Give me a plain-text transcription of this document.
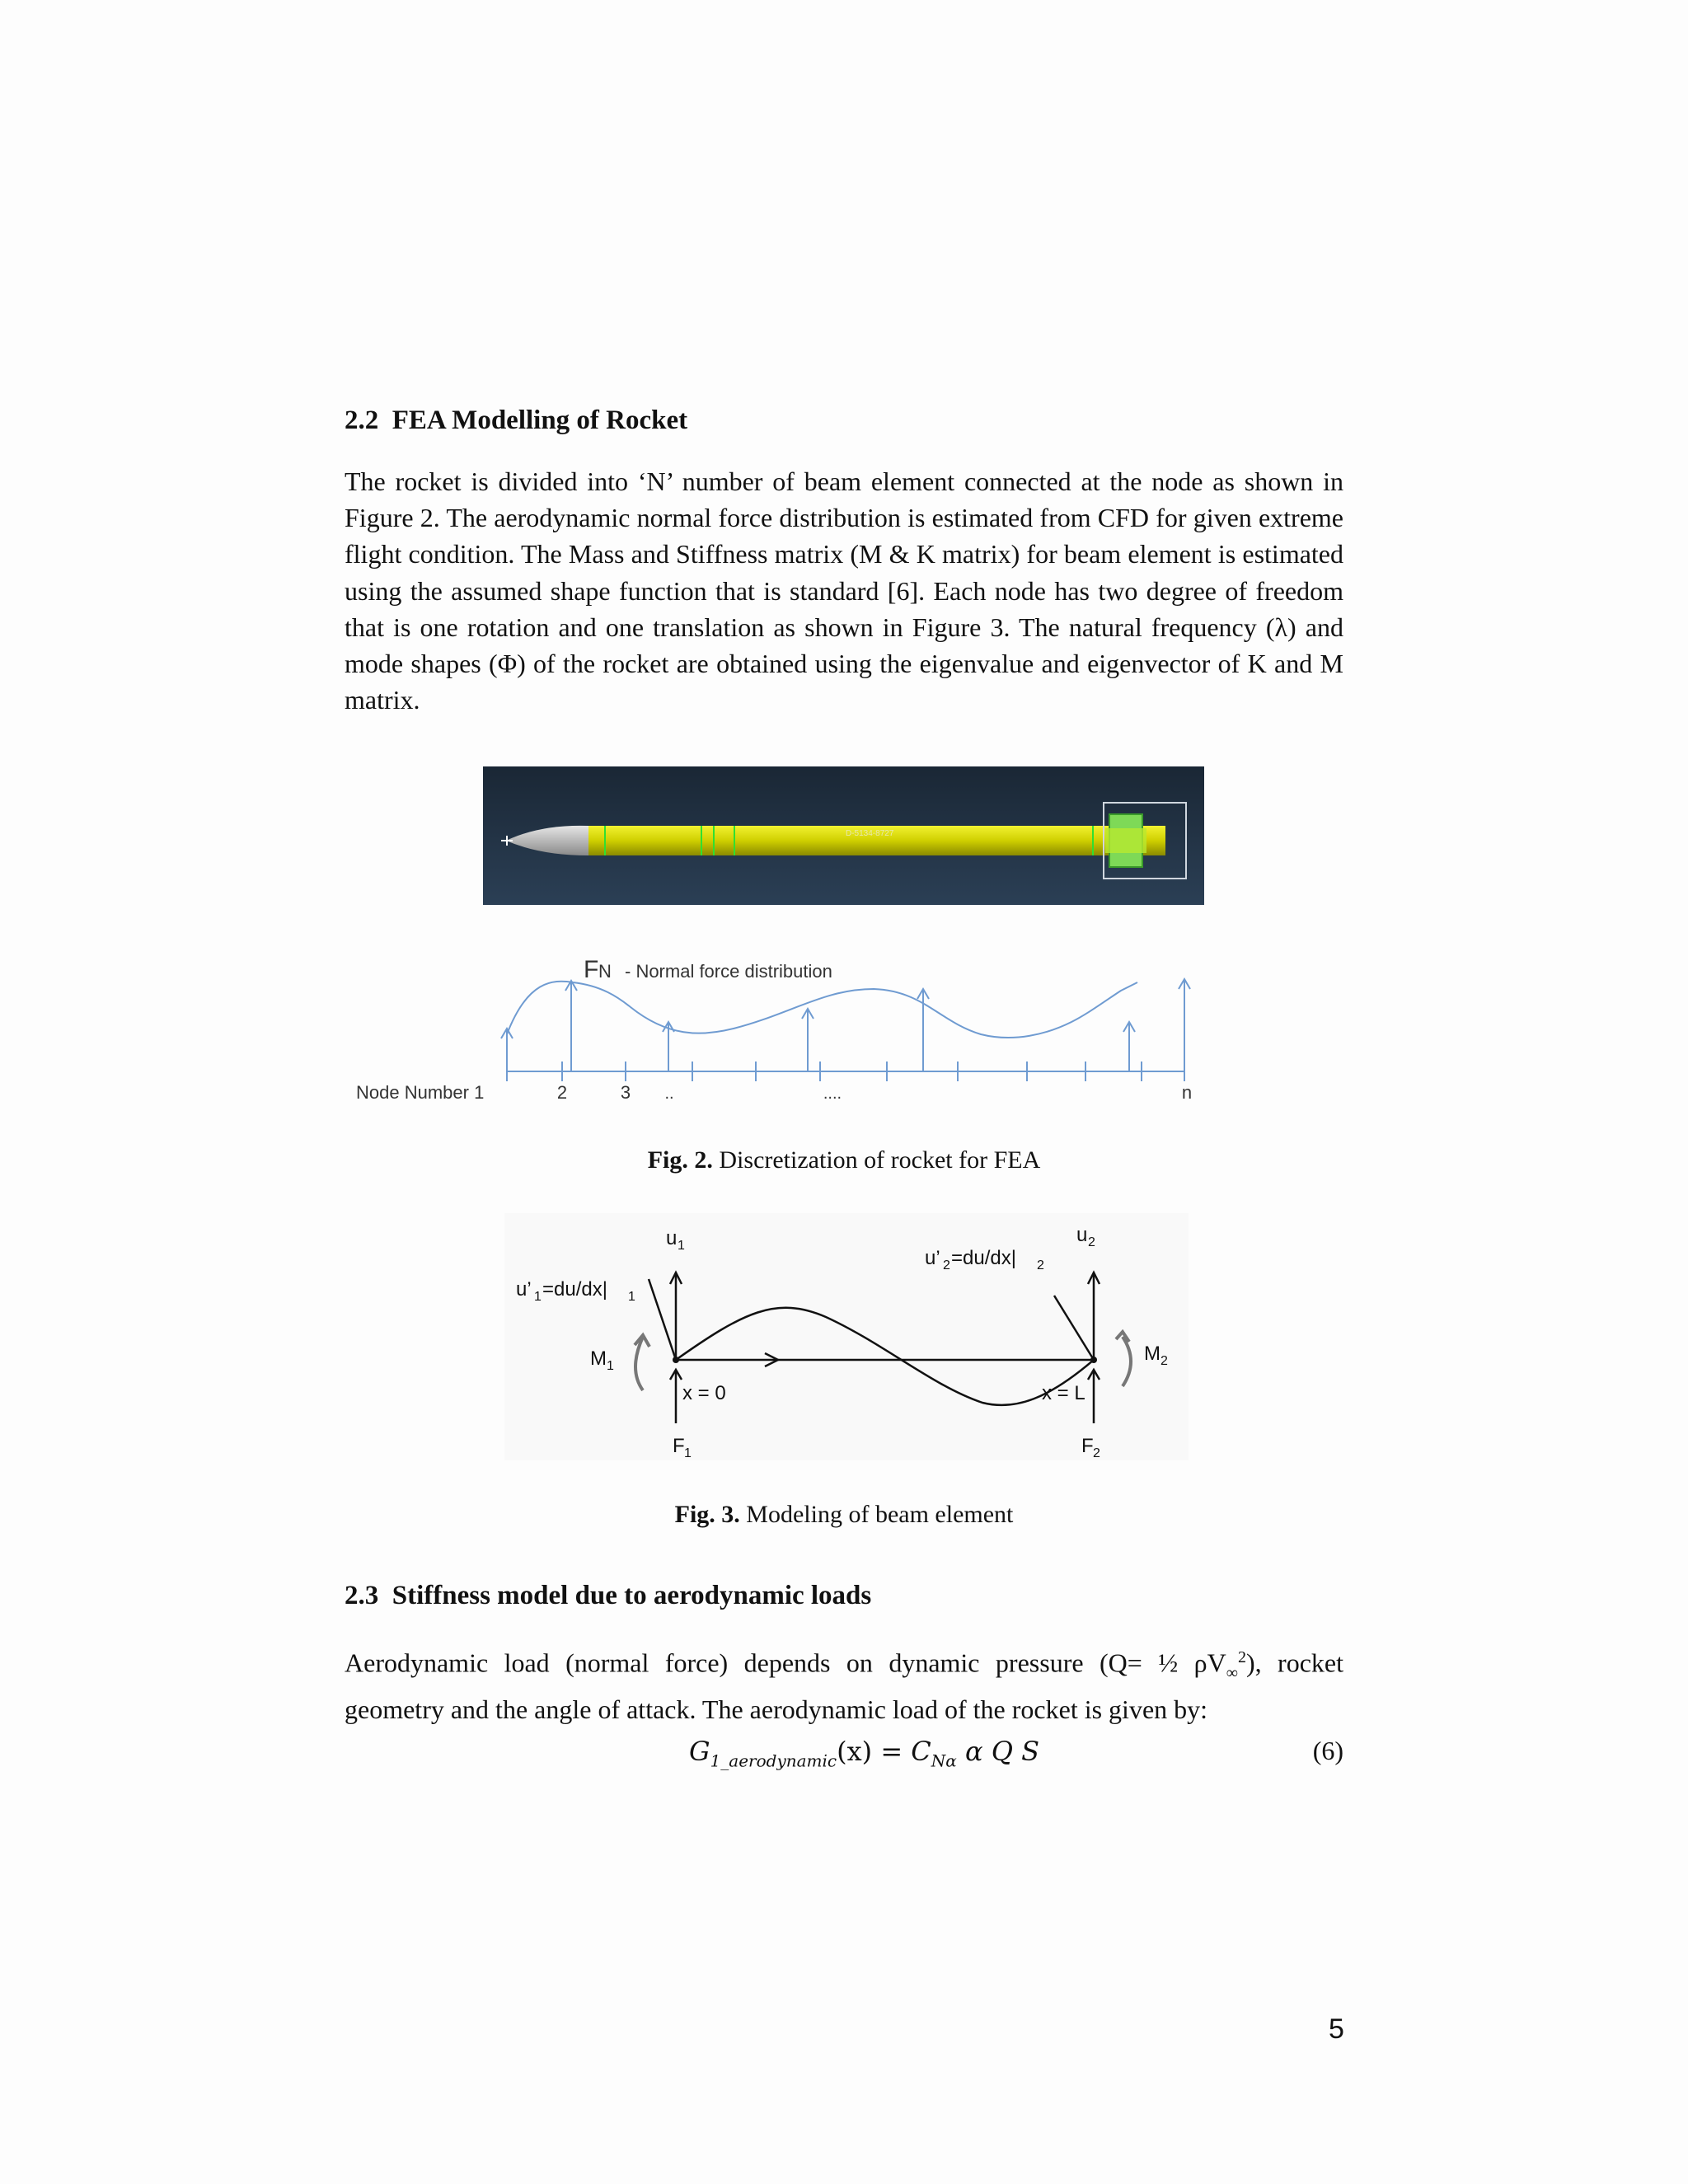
2.2 FEA Modelling of Rocket
The rocket is divided into ‘N’ number of beam element connected at the node as shown in Figure 2. The aerodynamic normal force distribution is estimated from CFD for given extreme flight condition. The Mass and Stiffness matrix (M & K matrix) for beam element is estimated using the assumed shape function that is standard [6]. Each node has two degree of freedom that is one rotation and one translation as shown in Figure 3. The natural frequency (λ) and mode shapes (Φ) of the rocket are obtained using the eigenvalue and eigenvector of K and M matrix.
D-5134-8727
F N - Normal force distribution
2	3 ..	....	n
Node Number 1
Fig. 2. Discretization of rocket for FEA
u 1	u 2
u’ 1 =du/dx| 1
u’ 2 =du/dx| 2
M 1
M 2
x = 0	x = L
F 1	F 2
Fig. 3. Modeling of beam element
2.3 Stiffness model due to aerodynamic loads
Aerodynamic load (normal force) depends on dynamic pressure (Q= ½ $\rho V_\infty^2$), rocket geometry and the angle of attack. The aerodynamic load of the rocket is given by:
$G_{1\_aerodynamic}(x) = C_{N\alpha}$ α Q S	(6)
5
